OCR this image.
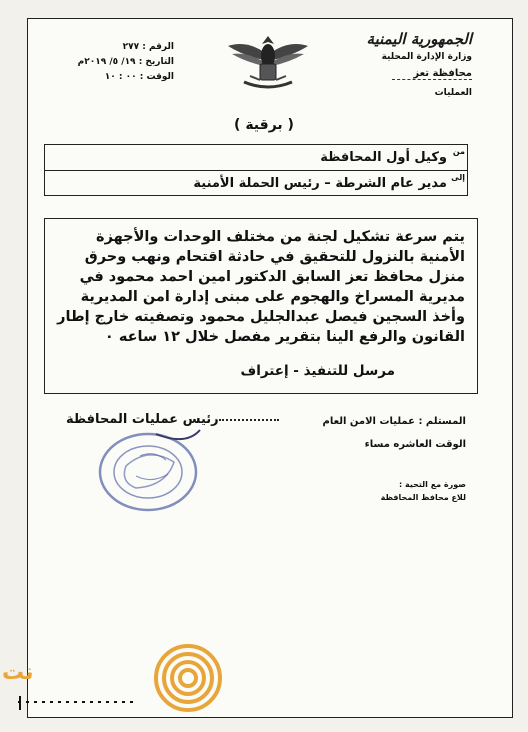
الجمهورية اليمنية
وزارة الإدارة المحلية
محافظة تعز
العمليات
الرقم : ٢٧٧
التاريخ : ١٩/ ٥/ ٢٠١٩م
الوقت : ٠٠ : ١٠
( برقية )
من
وكيل أول المحافظة
إلى
مدير عام الشرطة – رئيس الحملة الأمنية
يتم سرعة تشكيل لجنة من مختلف الوحدات والأجهزة الأمنية بالنزول للتحقيق في حادثة اقتحام ونهب وحرق منزل محافظ تعز السابق الدكتور امين احمد محمود في مديرية المسراخ والهجوم على مبنى إدارة امن المديرية وأخذ السجين فيصل عبدالجليل محمود وتصفيته خارج إطار القانون والرفع الينا بتقرير مفصل خلال ١٢ ساعه ٠
مرسل للتنفيذ - إعتراف
المستلم : عمليات الامن العام
الوقت العاشره مساء
رئيس عمليات المحافظة
صورة مع التحية :
للاع محافظ المحافظة
نت
